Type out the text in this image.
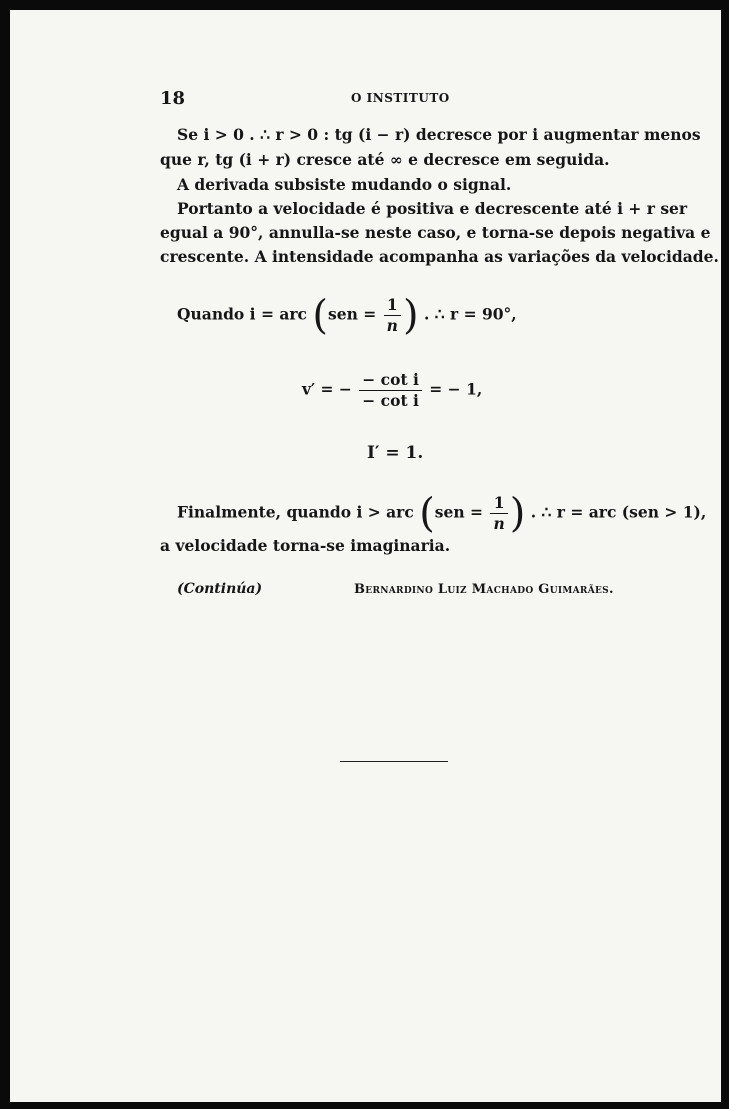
18	O INSTITUTO
Se i > 0 . ∴ r > 0 : tg (i − r) decresce por i augmentar menos
que r, tg (i + r) cresce até ∞ e decresce em seguida.
A derivada subsiste mudando o signal.
Portanto a velocidade é positiva e decrescente até i + r ser
egual a 90°, annulla-se neste caso, e torna-se depois negativa e
crescente. A intensidade acompanha as variações da velocidade.
Quando i = arc ($sen = \frac{1}{n}$ ) . ∴ r = 90°,
v′ = − $\frac{\text{− cot i}}{\text{− cot i}}$ = − 1,
I′ = 1.
Finalmente, quando i > arc ($sen = \frac{1}{n}$ ) . ∴ r = arc (sen > 1),
a velocidade torna-se imaginaria.
(Continúa)	Bernardino Luiz Machado Guimarães.
